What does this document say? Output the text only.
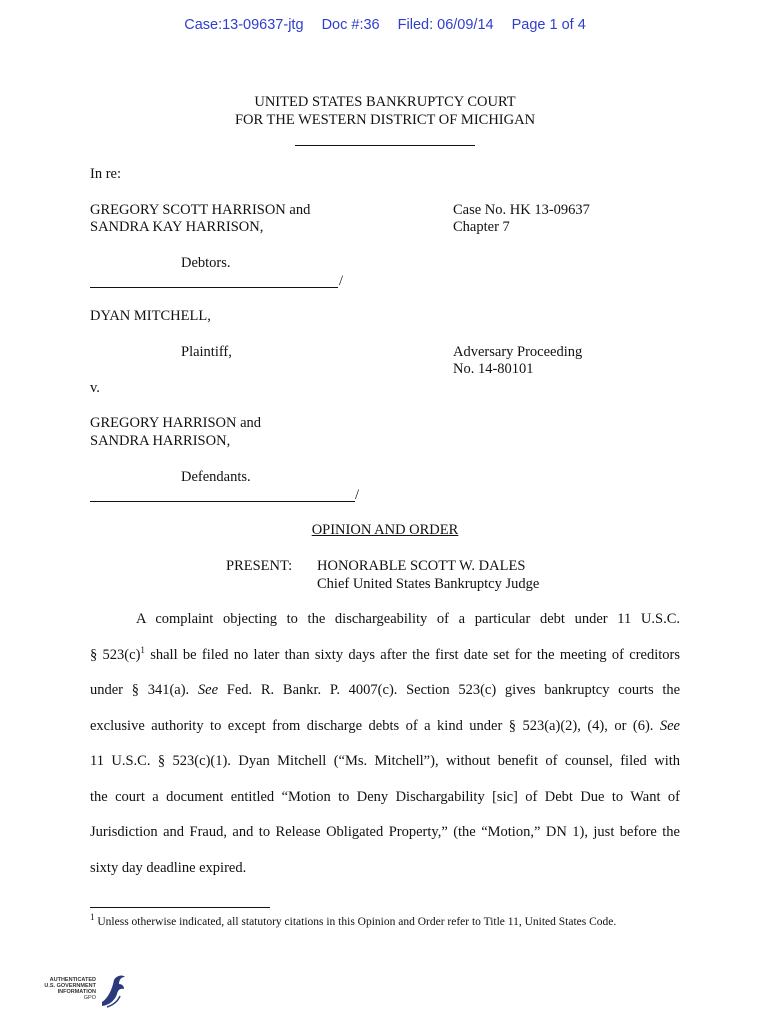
Case:13-09637-jtg Doc #:36 Filed: 06/09/14 Page 1 of 4
UNITED STATES BANKRUPTCY COURT
FOR THE WESTERN DISTRICT OF MICHIGAN
In re:
GREGORY SCOTT HARRISON and
SANDRA KAY HARRISON,
Case No. HK 13-09637
Chapter 7
Debtors.
/
DYAN MITCHELL,
Plaintiff,	Adversary Proceeding
No. 14-80101
v.
GREGORY HARRISON and
SANDRA HARRISON,
Defendants.
/
OPINION AND ORDER
PRESENT: HONORABLE SCOTT W. DALES
Chief United States Bankruptcy Judge
A complaint objecting to the dischargeability of a particular debt under 11 U.S.C.
§ $523(c)^1$ shall be filed no later than sixty days after the first date set for the meeting of creditors
under § 341(a). See Fed. R. Bankr. P. 4007(c). Section 523(c) gives bankruptcy courts the
exclusive authority to except from discharge debts of a kind under § 523(a)(2), (4), or (6). See
11 U.S.C. § 523(c)(1). Dyan Mitchell (“Ms. Mitchell”), without benefit of counsel, filed with
the court a document entitled “Motion to Deny Dischargability [sic] of Debt Due to Want of
Jurisdiction and Fraud, and to Release Obligated Property,” (the “Motion,” DN 1), just before the
sixty day deadline expired.
$^1$ Unless otherwise indicated, all statutory citations in this Opinion and Order refer to Title 11, United States Code.
AUTHENTICATED
U.S. GOVERNMENT
INFORMATION
GPO
